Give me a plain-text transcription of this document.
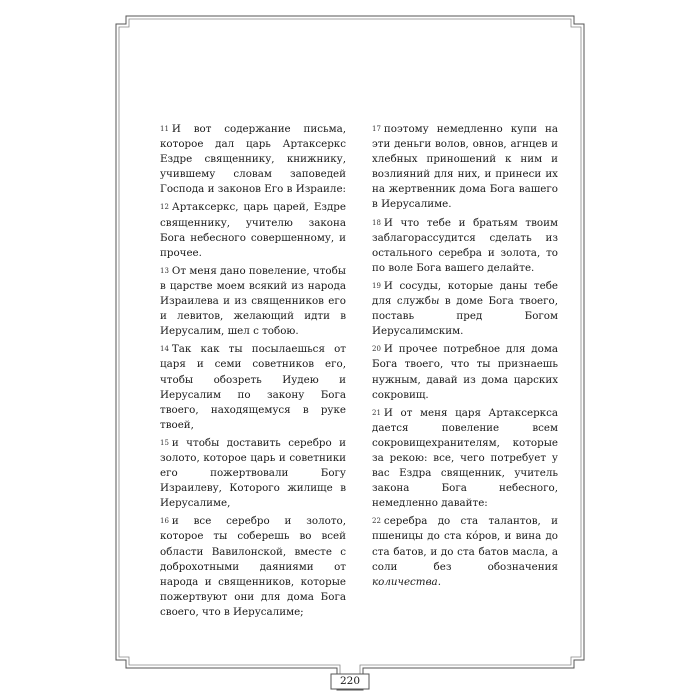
11 И вот содержание письма, которое дал царь Артаксеркс Ездре священнику, книжнику, учившему словам заповедей Господа и законов Его в Израиле:

12 Артаксеркс, царь царей, Ездре священнику, учителю закона Бога небесного совершенному, и прочее.

13 От меня дано повеление, чтобы в царстве моем всякий из народа Израилева и из священников его и левитов, желающий идти в Иерусалим, шел с тобою.

14 Так как ты посылаешься от царя и семи советников его, чтобы обозреть Иудею и Иерусалим по закону Бога твоего, находящемуся в руке твоей,

15 и чтобы доставить серебро и золото, которое царь и советники его пожертвовали Богу Израилеву, Которого жилище в Иерусалиме,

16 и все серебро и золото, которое ты соберешь во всей области Вавилонской, вместе с доброхотными даяниями от народа и священников, которые пожертвуют они для дома Бога своего, что в Иерусалиме;

17 поэтому немедленно купи на эти деньги волов, овнов, агнцев и хлебных приношений к ним и возлияний для них, и принеси их на жертвенник дома Бога вашего в Иерусалиме.

18 И что тебе и братьям твоим заблагорассудится сделать из остального серебра и золота, то по воле Бога вашего делайте.

19 И сосуды, которые даны тебе для службы в доме Бога твоего, поставь пред Богом Иерусалимским.

20 И прочее потребное для дома Бога твоего, что ты признаешь нужным, давай из дома царских сокровищ.

21 И от меня царя Артаксеркса дается повеление всем сокровищехранителям, которые за рекою: все, чего потребует у вас Ездра священник, учитель закона Бога небесного, немедленно давайте:

22 серебра до ста талантов, и пшеницы до ста кóров, и вина до ста батов, и до ста батов масла, а соли без обозначения количества.

220
